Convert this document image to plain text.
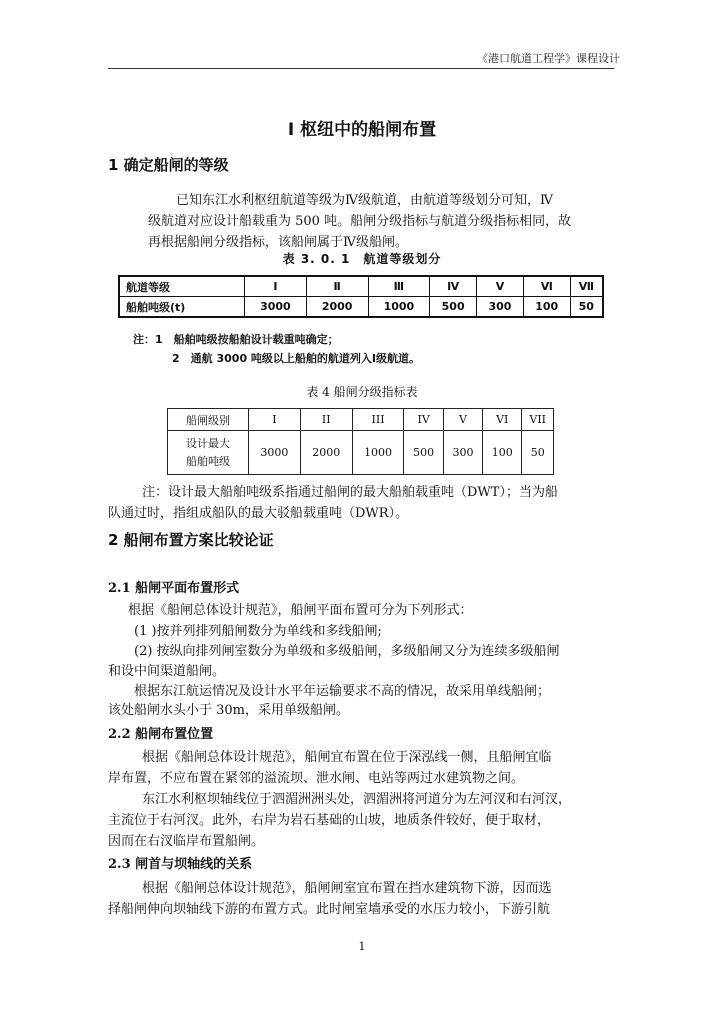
《港口航道工程学》课程设计
I 枢纽中的船闸布置
1 确定船闸的等级
已知东江水利枢纽航道等级为Ⅳ级航道，由航道等级划分可知，Ⅳ
级航道对应设计船载重为 500 吨。船闸分级指标与航道分级指标相同，故
再根据船闸分级指标，该船闸属于Ⅳ级船闸。
表 3. 0. 1　航道等级划分
航道等级	Ⅰ	Ⅱ	Ⅲ	Ⅳ	Ⅴ	Ⅵ	Ⅶ
船舶吨级(t)	3000	2000	1000	500	300	100	50
注：1　船舶吨级按船舶设计载重吨确定；
2　通航 3000 吨级以上船舶的航道列入Ⅰ级航道。
表 4 船闸分级指标表
船闸级别	I	II	III	IV	V	VI	VII

设计最大
船舶吨级	3000	2000	1000	500	300	100	50
注：设计最大船舶吨级系指通过船闸的最大船舶载重吨（DWT）；当为船
队通过时，指组成船队的最大驳船载重吨（DWR）。
2 船闸布置方案比较论证
2.1 船闸平面布置形式
根据《船闸总体设计规范》，船闸平面布置可分为下列形式：
(1 )按并列排列船闸数分为单线和多线船闸;
(2) 按纵向排列闸室数分为单级和多级船闸，多级船闸又分为连续多级船闸
和设中间渠道船闸。
根据东江航运情况及设计水平年运输要求不高的情况，故采用单线船闸；
该处船闸水头小于 30m，采用单级船闸。
2.2 船闸布置位置
根据《船闸总体设计规范》，船闸宜布置在位于深泓线一侧，且船闸宜临
岸布置，不应布置在紧邻的溢流坝、泄水闸、电站等两过水建筑物之间。
东江水利枢坝轴线位于泗湄洲洲头处，泗湄洲将河道分为左河汊和右河汊，
主流位于右河汊。此外，右岸为岩石基础的山坡，地质条件较好，便于取材，
因而在右汊临岸布置船闸。
2.3 闸首与坝轴线的关系
根据《船闸总体设计规范》，船闸闸室宜布置在挡水建筑物下游，因而选
择船闸伸向坝轴线下游的布置方式。此时闸室墙承受的水压力较小，下游引航
1
